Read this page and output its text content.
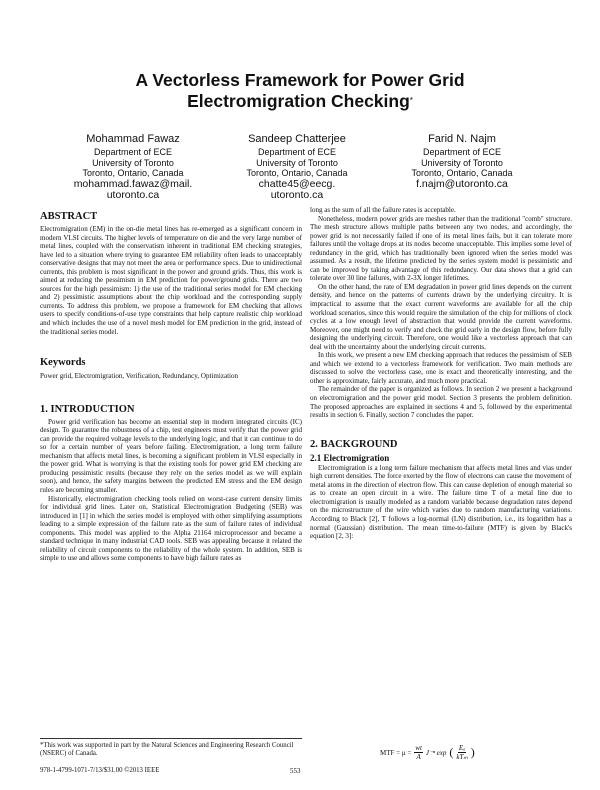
A Vectorless Framework for Power Grid
Electromigration Checking*
Mohammad Fawaz
Department of ECE
University of Toronto
Toronto, Ontario, Canada
mohammad.fawaz@mail.
utoronto.ca
Sandeep Chatterjee
Department of ECE
University of Toronto
Toronto, Ontario, Canada
chatte45@eecg.
utoronto.ca
Farid N. Najm
Department of ECE
University of Toronto
Toronto, Ontario, Canada
f.najm@utoronto.ca
ABSTRACT

Electromigration (EM) in the on-die metal lines has re-emerged as a significant concern in modern VLSI circuits. The higher levels of temperature on die and the very large number of metal lines, coupled with the conservatism inherent in traditional EM checking strategies, have led to a situation where trying to guarantee EM reliability often leads to unacceptably conservative designs that may not meet the area or performance specs. Due to unidirectional currents, this problem is most significant in the power and ground grids. Thus, this work is aimed at reducing the pessimism in EM prediction for power/ground grids. There are two sources for the high pessimism: 1) the use of the traditional series model for EM checking and 2) pessimistic assumptions about the chip workload and the corresponding supply currents. To address this problem, we propose a framework for EM checking that allows users to specify conditions-of-use type constraints that help capture realistic chip workload and which includes the use of a novel mesh model for EM prediction in the grid, instead of the traditional series model.

Keywords

Power grid, Electromigration, Verification, Redundancy, Optimization

1. INTRODUCTION

Power grid verification has become an essential step in modern integrated circuits (IC) design. To guarantee the robustness of a chip, test engineers must verify that the power grid can provide the required voltage levels to the underlying logic, and that it can continue to do so for a certain number of years before failing. Electromigration, a long term failure mechanism that affects metal lines, is becoming a significant problem in VLSI especially in the power grid. What is worrying is that the existing tools for power grid EM checking are producing pessimistic results (because they rely on the series model as we will explain soon), and hence, the safety margins between the predicted EM stress and the EM design rules are becoming smaller.

Historically, electromigration checking tools relied on worst-case current density limits for individual grid lines. Later on, Statistical Electromigration Budgeting (SEB) was introduced in [1] in which the series model is employed with other simplifying assumptions leading to a simple expression of the failure rate as the sum of failure rates of individual components. This model was applied to the Alpha 21164 microprocessor and became a standard technique in many industrial CAD tools. SEB was appealing because it related the reliability of circuit components to the reliability of the whole system. In addition, SEB is simple to use and allows some components to have high failure rates as

long as the sum of all the failure rates is acceptable.

Nonetheless, modern power grids are meshes rather than the traditional "comb" structure. The mesh structure allows multiple paths between any two nodes, and accordingly, the power grid is not necessarily failed if one of its metal lines fails, but it can tolerate more failures until the voltage drops at its nodes become unacceptable. This implies some level of redundancy in the grid, which has traditionally been ignored when the series model was assumed. As a result, the lifetime predicted by the series system model is pessimistic and can be improved by taking advantage of this redundancy. Our data shows that a grid can tolerate over 30 line failures, with 2-3X longer lifetimes.

On the other hand, the rate of EM degradation in power grid lines depends on the current density, and hence on the patterns of currents drawn by the underlying circuitry. It is impractical to assume that the exact current waveforms are available for all the chip workload scenarios, since this would require the simulation of the chip for millions of clock cycles at a low enough level of abstraction that would provide the current waveforms. Moreover, one might need to verify and check the grid early in the design flow, before fully designing the underlying circuit. Therefore, one would like a vectorless approach that can deal with the uncertainty about the underlying circuit currents.

In this work, we present a new EM checking approach that reduces the pessimism of SEB and which we extend to a vectorless framework for verification. Two main methods are discussed to solve the vectorless case, one is exact and theoretically interesting, and the other is approximate, fairly accurate, and much more practical.

The remainder of the paper is organized as follows. In section 2 we present a background on electromigration and the power grid model. Section 3 presents the problem definition. The proposed approaches are explained in sections 4 and 5, followed by the experimental results in section 6. Finally, section 7 concludes the paper.

2. BACKGROUND
2.1 Electromigration

Electromigration is a long term failure mechanism that affects metal lines and vias under high current densities. The force exerted by the flow of electrons can cause the movement of metal atoms in the direction of electron flow. This can cause depletion of enough material so as to create an open circuit in a wire. The failure time T of a metal line due to electromigration is usually modeled as a random variable because degradation rates depend on the microstructure of the wire which varies due to random manufacturing variations. According to Black [2], T follows a log-normal (LN) distribution, i.e., its logarithm has a normal (Gaussian) distribution. The mean time-to-failure (MTF) is given by Black's equation [2, 3]:

MTF = $\mu = \frac{wt}{A} J^{-n}$ exp ( $\frac{\text{Eₐ}}{\text{kTₘ}}$ )
*This work was supported in part by the Natural Sciences and Engineering Research Council (NSERC) of Canada.
978-1-4799-1071-7/13/$31.00 ©2013 IEEE	553
